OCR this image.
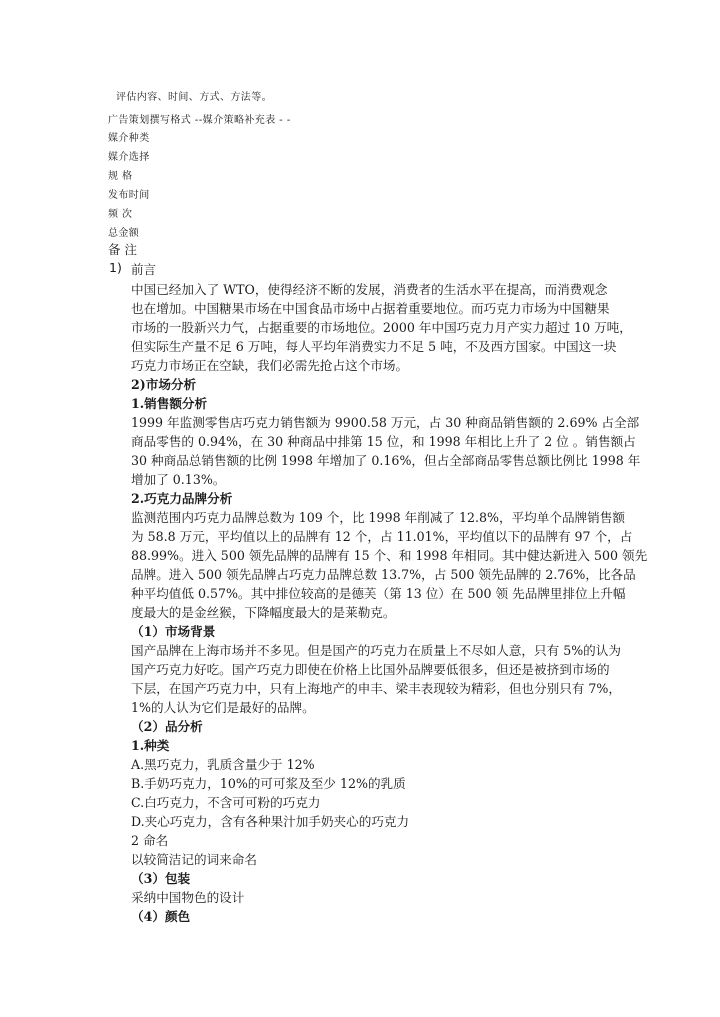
评估内容、时间、方式、方法等。

广告策划撰写格式 --媒介策略补充表 - -

媒介种类

媒介选择

规 格

发布时间

频 次

总金额

备 注

1) 前言

中国已经加入了 WTO，使得经济不断的发展，消费者的生活水平在提高，而消费观念

也在增加。中国糖果市场在中国食品市场中占据着重要地位。而巧克力市场为中国糖果

市场的一股新兴力气，占据重要的市场地位。2000 年中国巧克力月产实力超过 10 万吨，

但实际生产量不足 6 万吨，每人平均年消费实力不足 5 吨，不及西方国家。中国这一块

巧克力市场正在空缺，我们必需先抢占这个市场。

2)市场分析

1.销售额分析

1999 年监测零售店巧克力销售额为 9900.58 万元，占 30 种商品销售额的 2.69% 占全部

商品零售的 0.94%，在 30 种商品中排第 15 位，和 1998 年相比上升了 2 位 。销售额占

30 种商品总销售额的比例 1998 年增加了 0.16%，但占全部商品零售总额比例比 1998 年

增加了 0.13%。

2.巧克力品牌分析

监测范围内巧克力品牌总数为 109 个，比 1998 年削减了 12.8%，平均单个品牌销售额

为 58.8 万元，平均值以上的品牌有 12 个，占 11.01%，平均值以下的品牌有 97 个，占

88.99%。进入 500 领先品牌的品牌有 15 个、和 1998 年相同。其中健达新进入 500 领先

品牌。进入 500 领先品牌占巧克力品牌总数 13.7%，占 500 领先品牌的 2.76%，比各品

种平均值低 0.57%。其中排位较高的是德芙（第 13 位）在 500 领 先品牌里排位上升幅

度最大的是金丝猴，下降幅度最大的是莱勒克。

（1）市场背景

国产品牌在上海市场并不多见。但是国产的巧克力在质量上不尽如人意，只有 5%的认为

国产巧克力好吃。国产巧克力即使在价格上比国外品牌要低很多，但还是被挤到市场的

下层，在国产巧克力中，只有上海地产的申丰、梁丰表现较为精彩，但也分别只有 7%，

1%的人认为它们是最好的品牌。

（2）品分析

1.种类

A.黑巧克力，乳质含量少于 12%

B.手奶巧克力，10%的可可浆及至少 12%的乳质

C.白巧克力，不含可可粉的巧克力

D.夹心巧克力，含有各种果汁加手奶夹心的巧克力

2 命名

以较简洁记的词来命名

（3）包装

采纳中国物色的设计

（4）颜色
